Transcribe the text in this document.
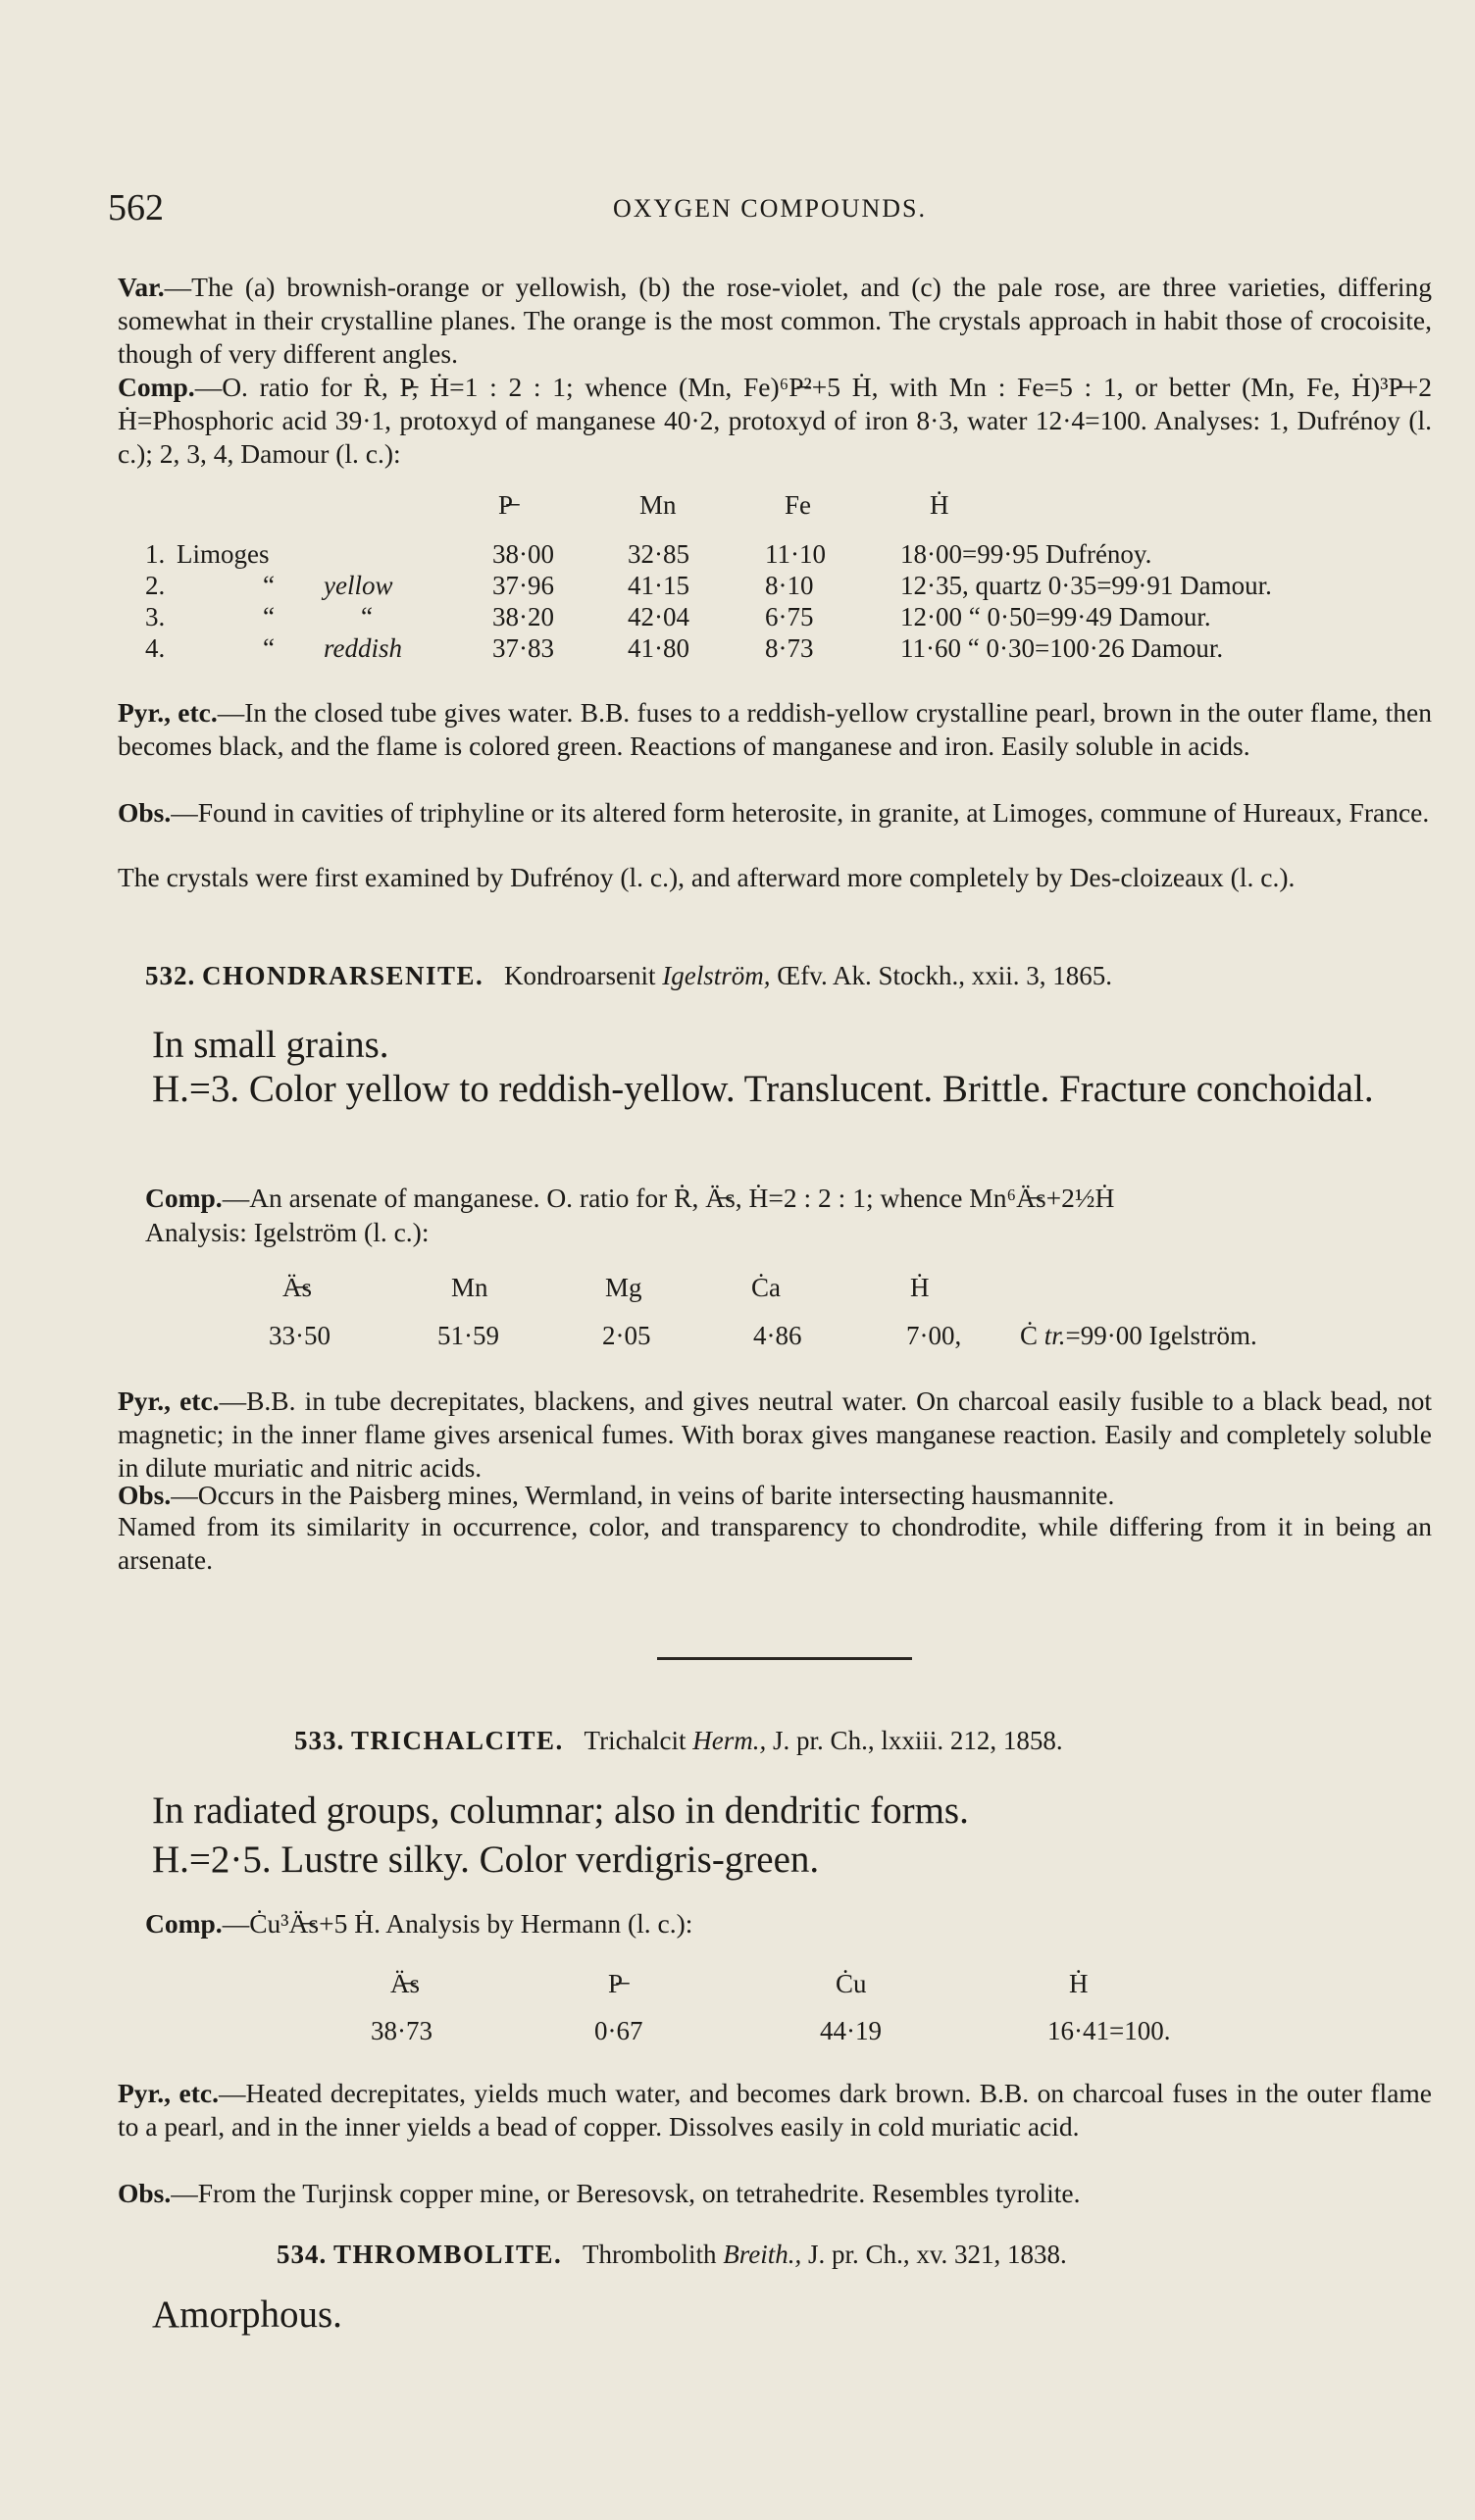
562	OXYGEN COMPOUNDS.
Var.—The (a) brownish-orange or yellowish, (b) the rose-violet, and (c) the pale rose, are three varieties, differing somewhat in their crystalline planes. The orange is the most common. The crystals approach in habit those of crocoisite, though of very different angles.
Comp.—O. ratio for Ṙ, P̶, Ḣ=1 : 2 : 1; whence (Mn, Fe)⁶P̶²+5 Ḣ, with Mn : Fe=5 : 1, or better (Mn, Fe, Ḣ)³P̶+2 Ḣ=Phosphoric acid 39·1, protoxyd of manganese 40·2, protoxyd of iron 8·3, water 12·4=100. Analyses: 1, Dufrénoy (l. c.); 2, 3, 4, Damour (l. c.):
P̶	Mn	Fe	Ḣ
1. Limoges	38·00	32·85	11·10	18·00=99·95 Dufrénoy.
2.	“ yellow	37·96	41·15	8·10	12·35, quartz 0·35=99·91 Damour.
3.	“	“	38·20	42·04	6·75	12·00 “ 0·50=99·49 Damour.
4.	“ reddish	37·83	41·80	8·73	11·60 “ 0·30=100·26 Damour.
Pyr., etc.—In the closed tube gives water. B.B. fuses to a reddish-yellow crystalline pearl, brown in the outer flame, then becomes black, and the flame is colored green. Reactions of manganese and iron. Easily soluble in acids.
Obs.—Found in cavities of triphyline or its altered form heterosite, in granite, at Limoges, commune of Hureaux, France.
The crystals were first examined by Dufrénoy (l. c.), and afterward more completely by Des-cloizeaux (l. c.).
532. CHONDRARSENITE. Kondroarsenit Igelström, Œfv. Ak. Stockh., xxii. 3, 1865.
In small grains.
H.=3. Color yellow to reddish-yellow. Translucent. Brittle. Fracture conchoidal.
Comp.—An arsenate of manganese. O. ratio for Ṙ, Ä̶s, Ḣ=2 : 2 : 1; whence Mn⁶Ä̶s+2½Ḣ
Analysis: Igelström (l. c.):
Ä̶s	Mn	Mg	Ċa	Ḣ
33·50	51·59	2·05	4·86	7·00, Ċ tr.=99·00 Igelström.
Pyr., etc.—B.B. in tube decrepitates, blackens, and gives neutral water. On charcoal easily fusible to a black bead, not magnetic; in the inner flame gives arsenical fumes. With borax gives manganese reaction. Easily and completely soluble in dilute muriatic and nitric acids.
Obs.—Occurs in the Paisberg mines, Wermland, in veins of barite intersecting hausmannite.
Named from its similarity in occurrence, color, and transparency to chondrodite, while differing from it in being an arsenate.
533. TRICHALCITE. Trichalcit Herm., J. pr. Ch., lxxiii. 212, 1858.
In radiated groups, columnar; also in dendritic forms.
H.=2·5. Lustre silky. Color verdigris-green.
Comp.—Ċu³Ä̶s+5 Ḣ. Analysis by Hermann (l. c.):
Ä̶s	P̶	Ċu	Ḣ
38·73	0·67	44·19	16·41=100.
Pyr., etc.—Heated decrepitates, yields much water, and becomes dark brown. B.B. on charcoal fuses in the outer flame to a pearl, and in the inner yields a bead of copper. Dissolves easily in cold muriatic acid.
Obs.—From the Turjinsk copper mine, or Beresovsk, on tetrahedrite. Resembles tyrolite.
534. THROMBOLITE. Thrombolith Breith., J. pr. Ch., xv. 321, 1838.
Amorphous.
